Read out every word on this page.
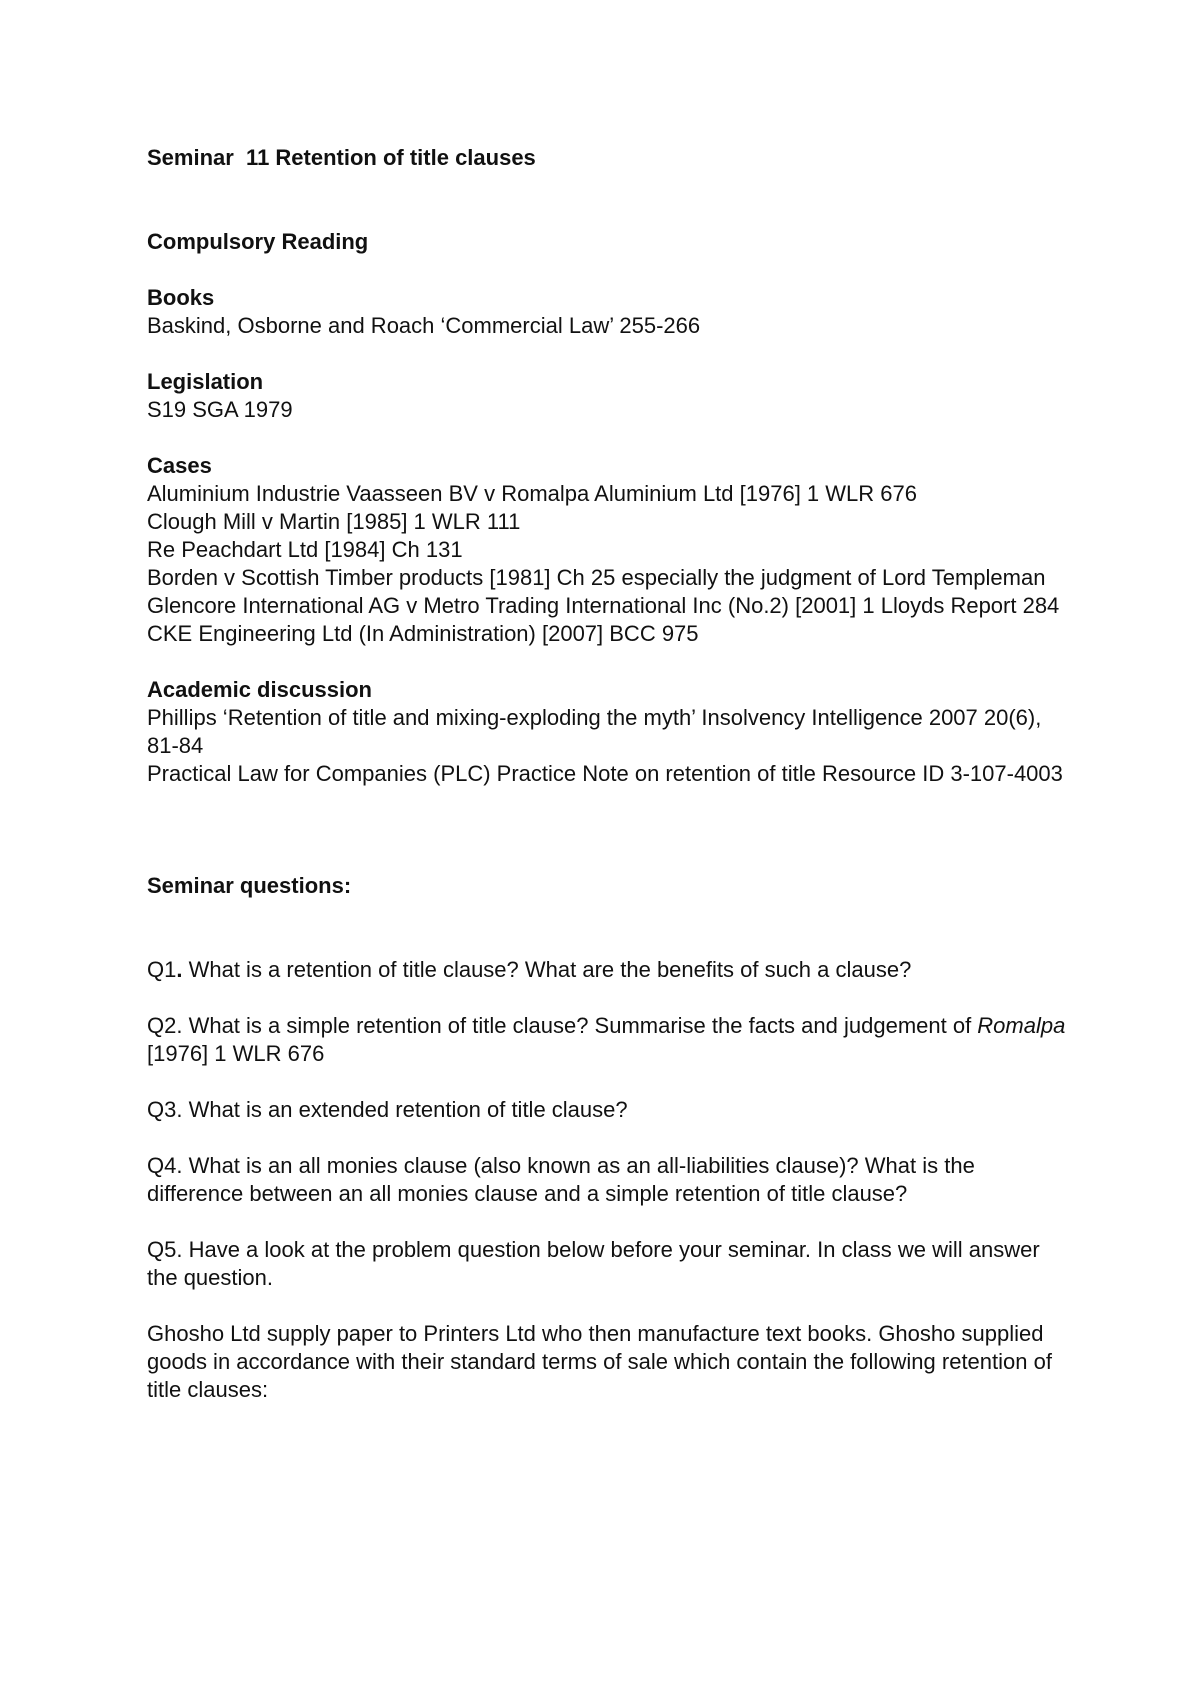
Seminar  11 Retention of title clauses

Compulsory Reading

Books

Baskind, Osborne and Roach ‘Commercial Law’ 255-266

Legislation

S19 SGA 1979

Cases

Aluminium Industrie Vaasseen BV v Romalpa Aluminium Ltd [1976] 1 WLR 676

Clough Mill v Martin [1985] 1 WLR 111

Re Peachdart Ltd [1984] Ch 131

Borden v Scottish Timber products [1981] Ch 25 especially the judgment of Lord Templeman

Glencore International AG v Metro Trading International Inc (No.2) [2001] 1 Lloyds Report 284

CKE Engineering Ltd (In Administration) [2007] BCC 975

Academic discussion

Phillips ‘Retention of title and mixing-exploding the myth’ Insolvency Intelligence 2007 20(6), 81-84

Practical Law for Companies (PLC) Practice Note on retention of title Resource ID 3-107-4003

Seminar questions:

Q1. What is a retention of title clause? What are the benefits of such a clause?

Q2. What is a simple retention of title clause? Summarise the facts and judgement of Romalpa [1976] 1 WLR 676

Q3. What is an extended retention of title clause?

Q4. What is an all monies clause (also known as an all-liabilities clause)? What is the difference between an all monies clause and a simple retention of title clause?

Q5. Have a look at the problem question below before your seminar. In class we will answer the question.

Ghosho Ltd supply paper to Printers Ltd who then manufacture text books. Ghosho supplied goods in accordance with their standard terms of sale which contain the following retention of title clauses:
